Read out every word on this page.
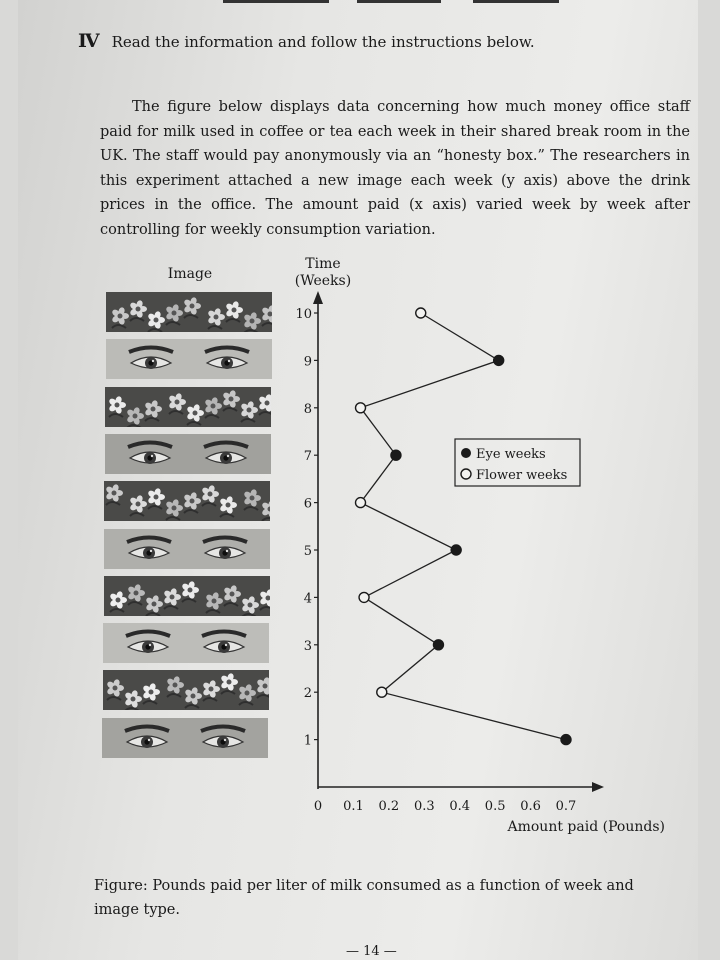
Ⅳ Read the information and follow the instructions below.
The figure below displays data concerning how much money office staff paid for milk used in coffee or tea each week in their shared break room in the UK. The staff would pay anonymously via an “honesty box.” The researchers in this experiment attached a new image each week (y axis) above the drink prices in the office. The amount paid (x axis) varied week by week after controlling for weekly consumption variation.
Image
Time
(Weeks)
1
2
3
4
5
6
7
8
9
10
0 0.1 0.2 0.3 0.4 0.5 0.6 0.7
Amount paid (Pounds)
Eye weeks
Flower weeks
Figure: Pounds paid per liter of milk consumed as a function of week and image type.
— 14 —
